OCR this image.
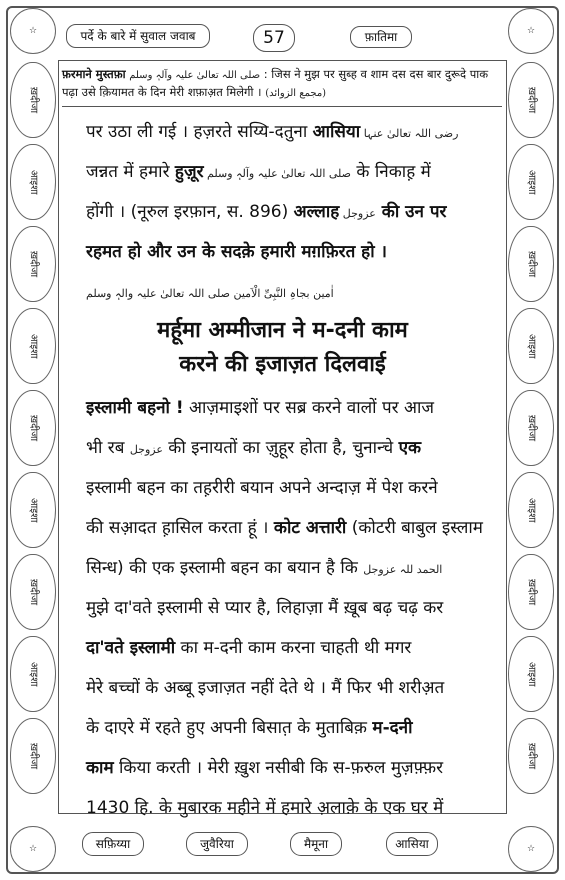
पर्दे के बारे में सुवाल जवाब	57	फ़ातिमा
☆	☆
☆	☆
ख़दीजा
आइशा
ख़दीजा
आइशा
ख़दीजा
आइशा
ख़दीजा
आइशा
ख़दीजा
ख़दीजा
आइशा
ख़दीजा
आइशा
ख़दीजा
आइशा
ख़दीजा
आइशा
ख़दीजा
सफ़िय्या	जुवैरिया	मैमूना	आसिया
फ़रमाने मुस्तफ़ा صلی اللہ تعالیٰ علیہ وآلہٖ وسلم : जिस ने मुझ पर सुब्ह व शाम दस दस बार दुरूदे पाक पढ़ा उसे क़ियामत के दिन मेरी शफ़ाअ़त मिलेगी । (مجمع الزوائد)
पर उठा ली गई । हज़रते सय्यि-दतुना आसिया رضی اللہ تعالیٰ عنہا
जन्नत में हमारे हुज़ूर صلی اللہ تعالیٰ علیہ وآلہٖ وسلم के निकाह़ में
होंगी । (नूरुल इरफ़ान, स. 896) अल्लाह عزوجل की उन पर
रहमत हो और उन के सदक़े हमारी मग़फ़िरत हो ।
اٰمین بجاہِ النَّبِیِّ الْاَمین صلی اللہ تعالیٰ علیہ والہٖ وسلم
मर्हूमा अम्मीजान ने म-दनी काम
करने की इजाज़त दिलवाई
इस्लामी बहनो ! आज़माइशों पर सब्र करने वालों पर आज
भी रब عزوجل की इनायतों का ज़ुहूर होता है, चुनान्चे एक
इस्लामी बहन का तह़रीरी बयान अपने अन्दाज़ में पेश करने
की सआ़दत ह़ासिल करता हूं । कोट अत्तारी (कोटरी बाबुल इस्लाम
सिन्ध) की एक इस्लामी बहन का बयान है कि الحمد للہ عزوجل
मुझे दा'वते इस्लामी से प्यार है, लिहाज़ा मैं ख़ूब बढ़ चढ़ कर
दा'वते इस्लामी का म-दनी काम करना चाहती थी मगर
मेरे बच्चों के अब्बू इजाज़त नहीं देते थे । मैं फिर भी शरीअ़त
के दाएरे में रहते हुए अपनी बिसात़ के मुताबिक़ म-दनी
काम किया करती । मेरी ख़ुश नसीबी कि स-फ़रुल मुज़फ़्फ़र
1430 हि. के मुबारक महीने में हमारे अ़लाक़े के एक घर में
